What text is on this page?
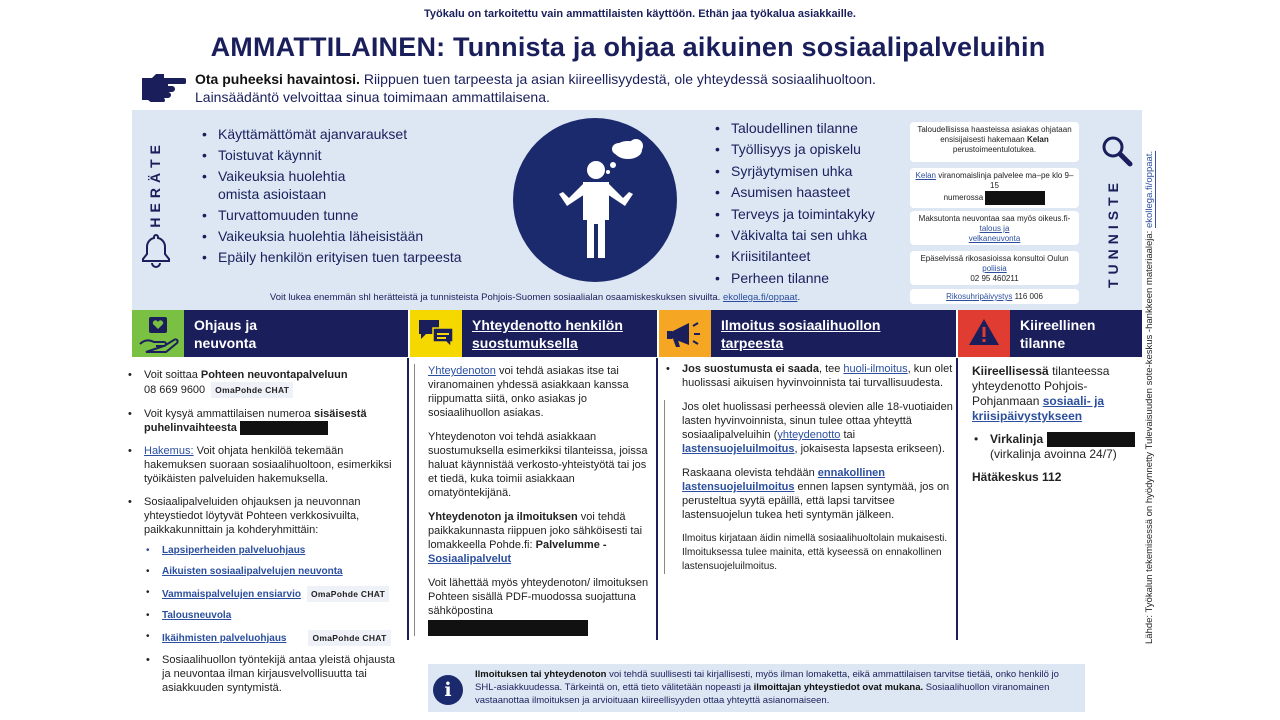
Työkalu on tarkoitettu vain ammattilaisten käyttöön. Ethän jaa työkalua asiakkaille.
AMMATTILAINEN: Tunnista ja ohjaa aikuinen sosiaalipalveluihin
Ota puheeksi havaintosi. Riippuen tuen tarpeesta ja asian kiireellisyydestä, ole yhteydessä sosiaalihuoltoon.
Lainsäädäntö velvoittaa sinua toimimaan ammattilaisena.
HERÄTE
• Käyttämättömät ajanvaraukset
• Toistuvat käynnit
• Vaikeuksia huolehtia omista asioistaan
• Turvattomuuden tunne
• Vaikeuksia huolehtia läheisistään
• Epäily henkilön erityisen tuen tarpeesta
• Taloudellinen tilanne
• Työllisyys ja opiskelu
• Syrjäytymisen uhka
• Asumisen haasteet
• Terveys ja toimintakyky
• Väkivalta tai sen uhka
• Kriisitilanteet
• Perheen tilanne
Taloudellisissa haasteissa asiakas ohjataan ensisijaisesti hakemaan Kelan perustoimeentulotukea.
Kelan viranomaislinja palvelee ma–pe klo 9–15
numerossa
Maksutonta neuvontaa saa myös oikeus.fi-talous ja
velkaneuvonta
Epäselvissä rikosasioissa konsultoi Oulun poliisia
02 95 460211
Rikosuhripäivystys 116 006
TUNNISTE
Voit lukea enemmän shl herätteistä ja tunnisteista Pohjois-Suomen sosiaalialan osaamiskeskuksen sivuilta. ekollega.fi/oppaat.
Ohjaus ja neuvonta
Yhteydenotto henkilön suostumuksella
Ilmoitus sosiaalihuollon tarpeesta
Kiireellinen tilanne
• Voit soittaa Pohteen neuvontapalveluun
08 669 9600 OmaPohde CHAT
• Voit kysyä ammattilaisen numeroa sisäisestä puhelinvaihteesta
• Hakemus: Voit ohjata henkilöä tekemään hakemuksen suoraan sosiaalihuoltoon, esimerkiksi työikäisten palveluiden hakemuksella.
• Sosiaalipalveluiden ohjauksen ja neuvonnan yhteystiedot löytyvät Pohteen verkkosivuilta, paikkakunnittain ja kohderyhmittäin:
• Lapsiperheiden palveluohjaus
• Aikuisten sosiaalipalvelujen neuvonta
• Vammaispalvelujen ensiarvio OmaPohde CHAT
• Talousneuvola
• Ikäihmisten palveluohjaus	OmaPohde CHAT
• Sosiaalihuollon työntekijä antaa yleistä ohjausta ja neuvontaa ilman kirjausvelvollisuutta tai asiakkuuden syntymistä.

Yhteydenoton voi tehdä asiakas itse tai viranomainen yhdessä asiakkaan kanssa riippumatta siitä, onko asiakas jo sosiaalihuollon asiakas.

Yhteydenoton voi tehdä asiakkaan suostumuksella esimerkiksi tilanteissa, joissa haluat käynnistää verkosto-yhteistyötä tai jos et tiedä, kuka toimii asiakkaan omatyöntekijänä.

Yhteydenoton ja ilmoituksen voi tehdä paikkakunnasta riippuen joko sähköisesti tai lomakkeella Pohde.fi: Palvelumme -
Sosiaalipalvelut

Voit lähettää myös yhteydenoton/ ilmoituksen Pohteen sisällä PDF-muodossa suojattuna sähköpostina

• Jos suostumusta ei saada, tee huoli-ilmoitus, kun olet huolissasi aikuisen hyvinvoinnista tai turvallisuudesta.

Jos olet huolissasi perheessä olevien alle 18-vuotiaiden lasten hyvinvoinnista, sinun tulee ottaa yhteyttä sosiaalipalveluihin (yhteydenotto tai lastensuojeluilmoitus, jokaisesta lapsesta erikseen).

Raskaana olevista tehdään ennakollinen lastensuojeluilmoitus ennen lapsen syntymää, jos on perusteltua syytä epäillä, että lapsi tarvitsee lastensuojelun tukea heti syntymän jälkeen.

Ilmoitus kirjataan äidin nimellä sosiaalihuoltolain mukaisesti. Ilmoituksessa tulee mainita, että kyseessä on ennakollinen lastensuojeluilmoitus.

Kiireellisessä tilanteessa yhteydenotto Pohjois-Pohjanmaan sosiaali- ja kriisipäivystykseen

• Virkalinja
(virkalinja avoinna 24/7)
Hätäkeskus 112
i
Ilmoituksen tai yhteydenoton voi tehdä suullisesti tai kirjallisesti, myös ilman lomaketta, eikä ammattilaisen tarvitse tietää, onko henkilö jo SHL-asiakkuudessa. Tärkeintä on, että tieto välitetään nopeasti ja ilmoittajan yhteystiedot ovat mukana. Sosiaalihuollon viranomainen vastaanottaa ilmoituksen ja arvioituaan kiireellisyyden ottaa yhteyttä asianomaiseen.
Lähde: Työkalun tekemisessä on hyödynnetty Tulevaisuuden sote-keskus -hankkeen materiaaleja: ekollega.fi/oppaat.
